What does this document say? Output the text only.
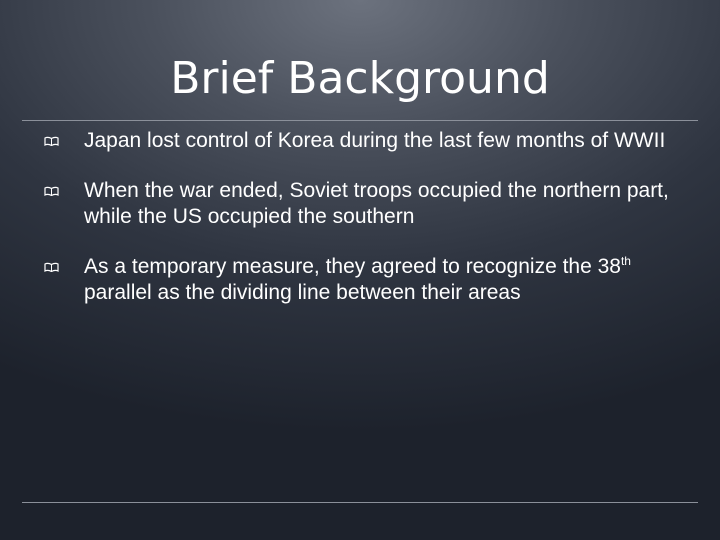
Brief Background
Japan lost control of Korea during the last few months of WWII
When the war ended, Soviet troops occupied the northern part, while the US occupied the southern
As a temporary measure, they agreed to recognize the 38th parallel as the dividing line between their areas
